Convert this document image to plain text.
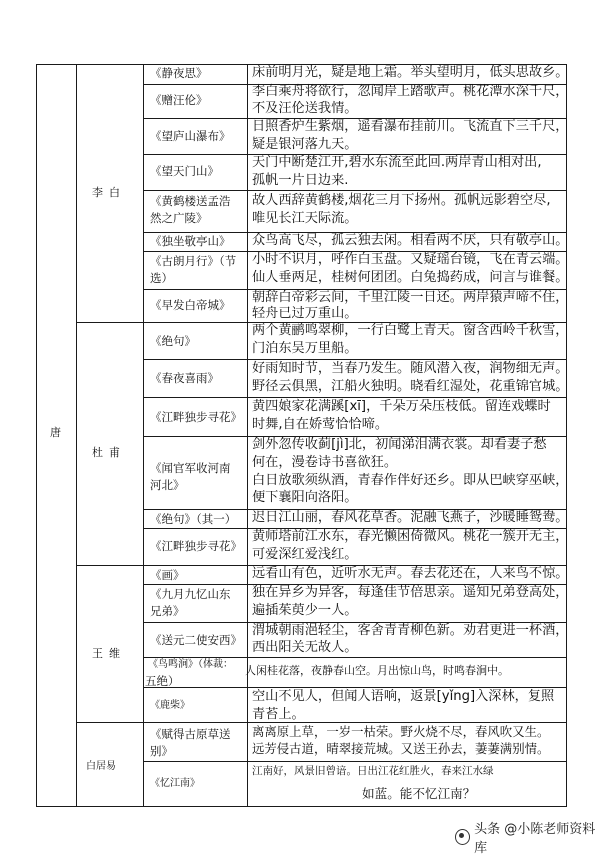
唐
李白
杜甫
王维
白居易
《静夜思》	床前明月光，疑是地上霜。举头望明月，低头思故乡。
《赠汪伦》
李白乘舟将欲行，忽闻岸上踏歌声。桃花潭水深千尺，
不及汪伦送我情。
《望庐山瀑布》
日照香炉生紫烟，遥看瀑布挂前川。飞流直下三千尺，
疑是银河落九天。
《望天门山》
天门中断楚江开,碧水东流至此回.两岸青山相对出,
孤帆一片日边来.
《黄鹤楼送孟浩
然之广陵》
故人西辞黄鹤楼,烟花三月下扬州。孤帆远影碧空尽,
唯见长江天际流。
《独坐敬亭山》 众鸟高飞尽，孤云独去闲。相看两不厌，只有敬亭山。
《古朗月行》（节
选）
小时不识月，呼作白玉盘。又疑瑶台镜，飞在青云端。
仙人垂两足，桂树何团团。白兔捣药成，问言与谁餐。
《早发白帝城》 朝辞白帝彩云间，千里江陵一日还。两岸猿声啼不住，
轻舟已过万重山。
《绝句》
两个黄鹂鸣翠柳，一行白鹭上青天。窗含西岭千秋雪，
门泊东吴万里船。
《春夜喜雨》
好雨知时节，当春乃发生。随风潜入夜，润物细无声。
野径云俱黑，江船火独明。晓看红湿处，花重锦官城。
《江畔独步寻花》
黄四娘家花满蹊[xī]，千朵万朵压枝低。留连戏蝶时
时舞,自在娇莺恰恰啼。
《闻官军收河南
河北》
剑外忽传收蓟[jì]北，初闻涕泪满衣裳。却看妻子愁
何在，漫卷诗书喜欲狂。
白日放歌须纵酒，青春作伴好还乡。即从巴峡穿巫峡，
便下襄阳向洛阳。
《绝句》（其一） 迟日江山丽，春风花草香。泥融飞燕子，沙暖睡鸳鸯。
《江畔独步寻花》
黄师塔前江水东，春光懒困倚微风。桃花一簇开无主，
可爱深红爱浅红。
《画》	远看山有色，近听水无声。春去花还在，人来鸟不惊。
《九月九忆山东
兄弟》
独在异乡为异客，每逢佳节倍思亲。遥知兄弟登高处，
遍插茱萸少一人。
《送元二使安西》
渭城朝雨浥轻尘，客舍青青柳色新。劝君更进一杯酒，
西出阳关无故人。
《鸟鸣涧》（体裁：
五绝）
人闲桂花落，夜静春山空。月出惊山鸟，时鸣春涧中。
《鹿柴》
空山不见人，但闻人语响，返景[yǐng]入深林，复照
青苔上。
《赋得古原草送
别》
离离原上草，一岁一枯荣。野火烧不尽，春风吹又生。
远芳侵古道，晴翠接荒城。又送王孙去，萋萋满别情。
《忆江南》
江南好，风景旧曾谙。日出江花红胜火，春来江水绿
如蓝。能不忆江南？
头条 @小陈老师资料库
